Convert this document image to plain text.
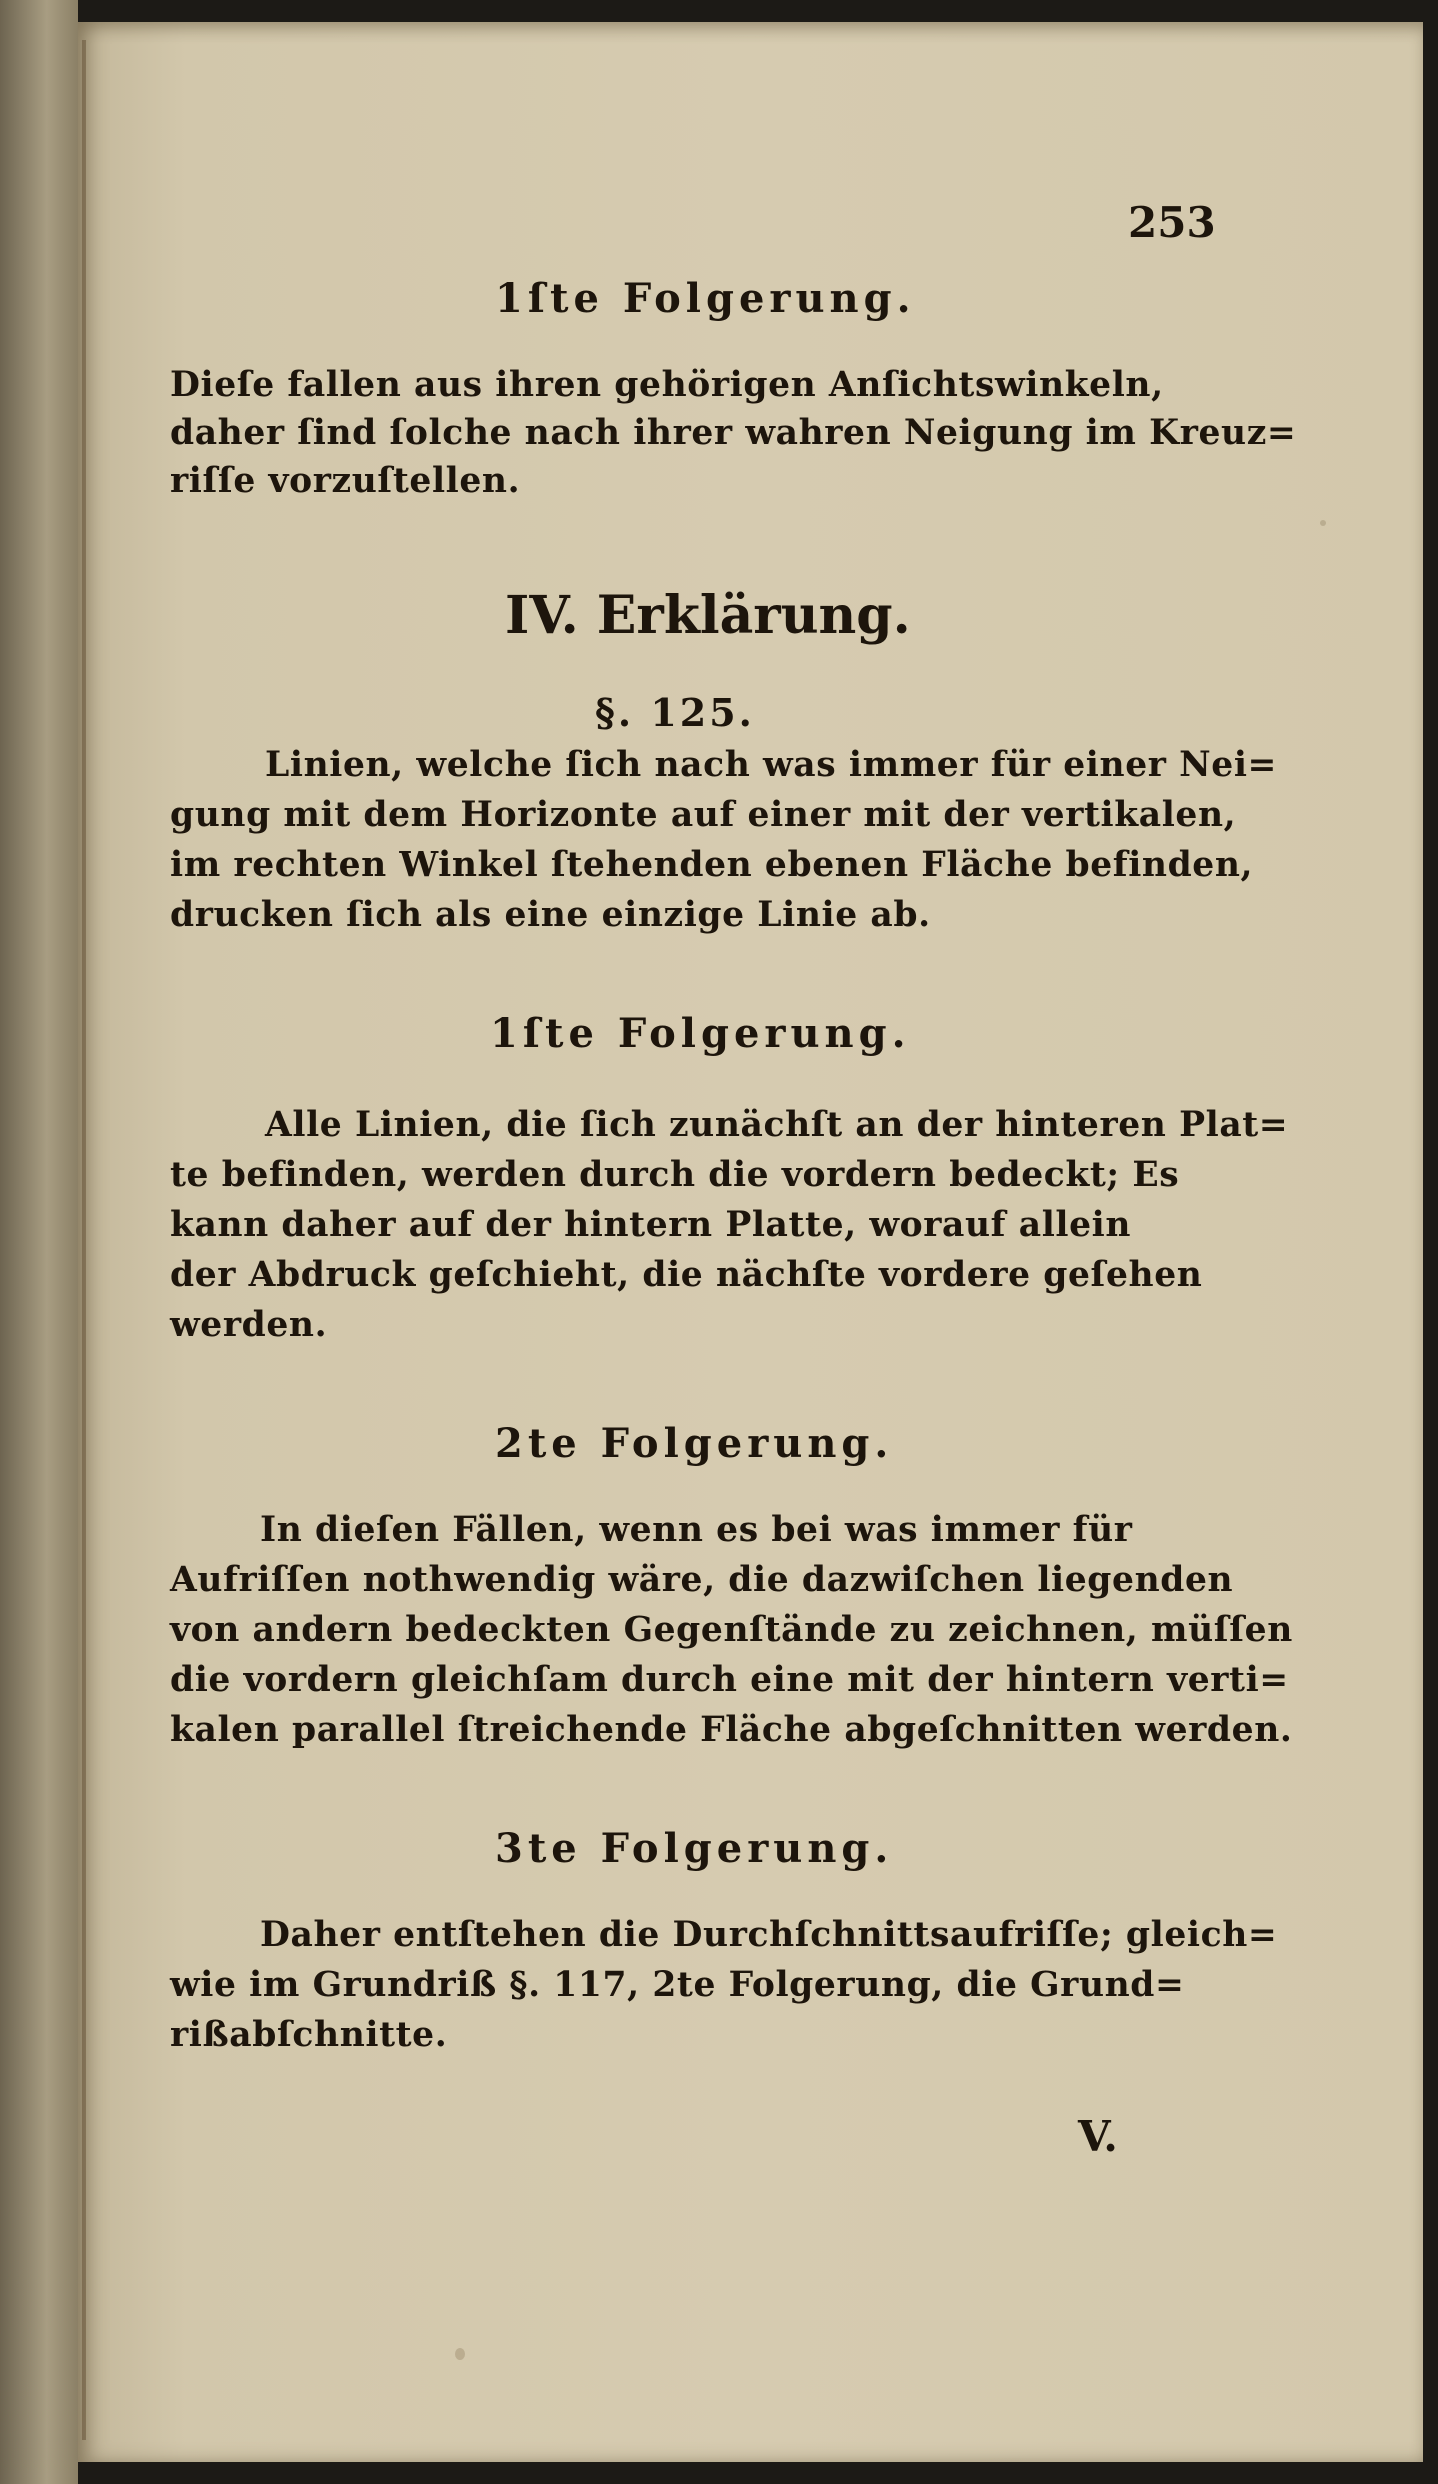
253
1ſte Folgerung.
Dieſe fallen aus ihren gehörigen Anſichtswinkeln,
daher ſind ſolche nach ihrer wahren Neigung im Kreuz=
riſſe vorzuſtellen.
IV. Erklärung.
§. 125.
Linien, welche ſich nach was immer für einer Nei=
gung mit dem Horizonte auf einer mit der vertikalen,
im rechten Winkel ſtehenden ebenen Fläche befinden,
drucken ſich als eine einzige Linie ab.
1ſte Folgerung.
Alle Linien, die ſich zunächſt an der hinteren Plat=
te befinden, werden durch die vordern bedeckt; Es
kann daher auf der hintern Platte, worauf allein
der Abdruck geſchieht, die nächſte vordere geſehen
werden.
2te Folgerung.
In dieſen Fällen, wenn es bei was immer für
Aufriſſen nothwendig wäre, die dazwiſchen liegenden
von andern bedeckten Gegenſtände zu zeichnen, müſſen
die vordern gleichſam durch eine mit der hintern verti=
kalen parallel ſtreichende Fläche abgeſchnitten werden.
3te Folgerung.
Daher entſtehen die Durchſchnittsaufriſſe; gleich=
wie im Grundriß §. 117, 2te Folgerung, die Grund=
rißabſchnitte.
V.
